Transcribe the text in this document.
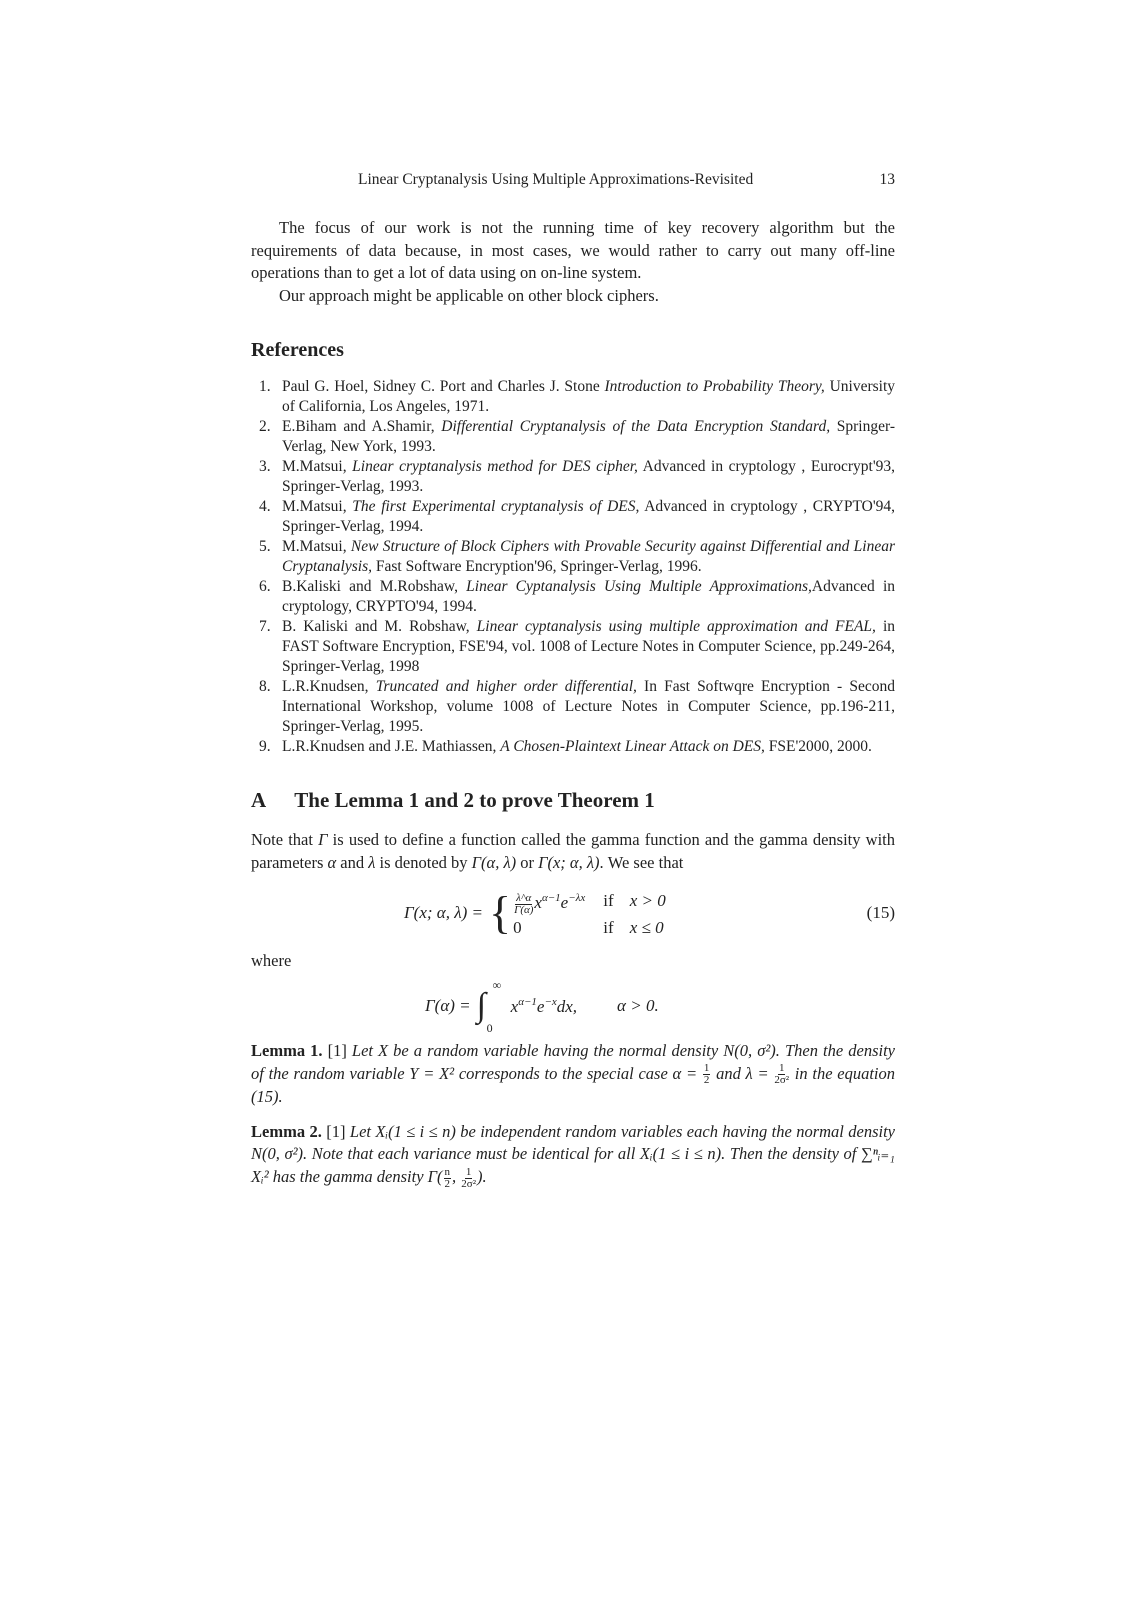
Linear Cryptanalysis Using Multiple Approximations-Revisited	13

The focus of our work is not the running time of key recovery algorithm but the requirements of data because, in most cases, we would rather to carry out many off-line operations than to get a lot of data using on on-line system.

Our approach might be applicable on other block ciphers.

References
1. Paul G. Hoel, Sidney C. Port and Charles J. Stone Introduction to Probability Theory, University of California, Los Angeles, 1971.
2. E.Biham and A.Shamir, Differential Cryptanalysis of the Data Encryption Standard, Springer-Verlag, New York, 1993.
3. M.Matsui, Linear cryptanalysis method for DES cipher, Advanced in cryptology , Eurocrypt'93, Springer-Verlag, 1993.
4. M.Matsui, The first Experimental cryptanalysis of DES, Advanced in cryptology , CRYPTO'94, Springer-Verlag, 1994.
5. M.Matsui, New Structure of Block Ciphers with Provable Security against Differential and Linear Cryptanalysis, Fast Software Encryption'96, Springer-Verlag, 1996.
6. B.Kaliski and M.Robshaw, Linear Cyptanalysis Using Multiple Approximations,Advanced in cryptology, CRYPTO'94, 1994.
7. B. Kaliski and M. Robshaw, Linear cyptanalysis using multiple approximation and FEAL, in FAST Software Encryption, FSE'94, vol. 1008 of Lecture Notes in Computer Science, pp.249-264, Springer-Verlag, 1998
8. L.R.Knudsen, Truncated and higher order differential, In Fast Softwqre Encryption - Second International Workshop, volume 1008 of Lecture Notes in Computer Science, pp.196-211, Springer-Verlag, 1995.
9. L.R.Knudsen and J.E. Mathiassen, A Chosen-Plaintext Linear Attack on DES, FSE'2000, 2000.
A The Lemma 1 and 2 to prove Theorem 1

Note that Γ is used to define a function called the gamma function and the gamma density with parameters α and λ is denoted by Γ(α, λ) or Γ(x; α, λ). We see that

Γ(x; α, λ) = { $\frac{\lambda\^{}\alpha}{\Gamma(\alpha)} x^{\alpha-1}e^{-\lambda x}$	if	x > 0
0	if	x ≤ 0
(15)

where

Γ(α) = ∫
∞
0
$x^{\alpha-1}e^{-x}dx$, α > 0.

Lemma 1. [1] Let X be a random variable having the normal density N(0, σ²). Then the density of the random variable Y = X² corresponds to the special case $\alpha = \frac{1}{2}$ and $\lambda = \frac{1}{\text{2σ²}}$ in the equation (15).

Lemma 2. [1] Let Xᵢ(1 ≤ i ≤ n) be independent random variables each having the normal density N(0, σ²). Note that each variance must be identical for all Xᵢ(1 ≤ i ≤ n). Then the density of ∑ⁿᵢ₌₁ Xᵢ² has the gamma density $\Gamma( \frac{n}{2}$ , $\frac{1}{\text{2σ²}}$ ).
